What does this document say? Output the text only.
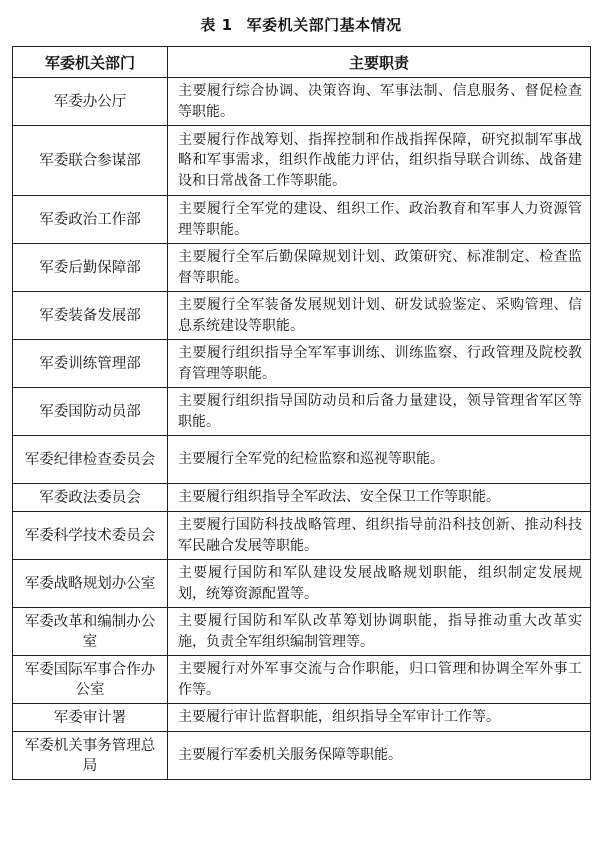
表 1 军委机关部门基本情况
军委机关部门	主要职责
军委办公厅	主要履行综合协调、决策咨询、军事法制、信息服务、督促检查等职能。
军委联合参谋部	主要履行作战筹划、指挥控制和作战指挥保障，研究拟制军事战略和军事需求，组织作战能力评估，组织指导联合训练、战备建设和日常战备工作等职能。
军委政治工作部	主要履行全军党的建设、组织工作、政治教育和军事人力资源管理等职能。
军委后勤保障部	主要履行全军后勤保障规划计划、政策研究、标准制定、检查监督等职能。
军委装备发展部	主要履行全军装备发展规划计划、研发试验鉴定、采购管理、信息系统建设等职能。
军委训练管理部	主要履行组织指导全军军事训练、训练监察、行政管理及院校教育管理等职能。
军委国防动员部	主要履行组织指导国防动员和后备力量建设，领导管理省军区等职能。
军委纪律检查委员会	主要履行全军党的纪检监察和巡视等职能。
军委政法委员会	主要履行组织指导全军政法、安全保卫工作等职能。
军委科学技术委员会	主要履行国防科技战略管理、组织指导前沿科技创新、推动科技军民融合发展等职能。
军委战略规划办公室	主要履行国防和军队建设发展战略规划职能，组织制定发展规划，统筹资源配置等。
军委改革和编制办公室	主要履行国防和军队改革筹划协调职能，指导推动重大改革实施，负责全军组织编制管理等。
军委国际军事合作办公室	主要履行对外军事交流与合作职能，归口管理和协调全军外事工作等。
军委审计署	主要履行审计监督职能，组织指导全军审计工作等。
军委机关事务管理总局	主要履行军委机关服务保障等职能。
